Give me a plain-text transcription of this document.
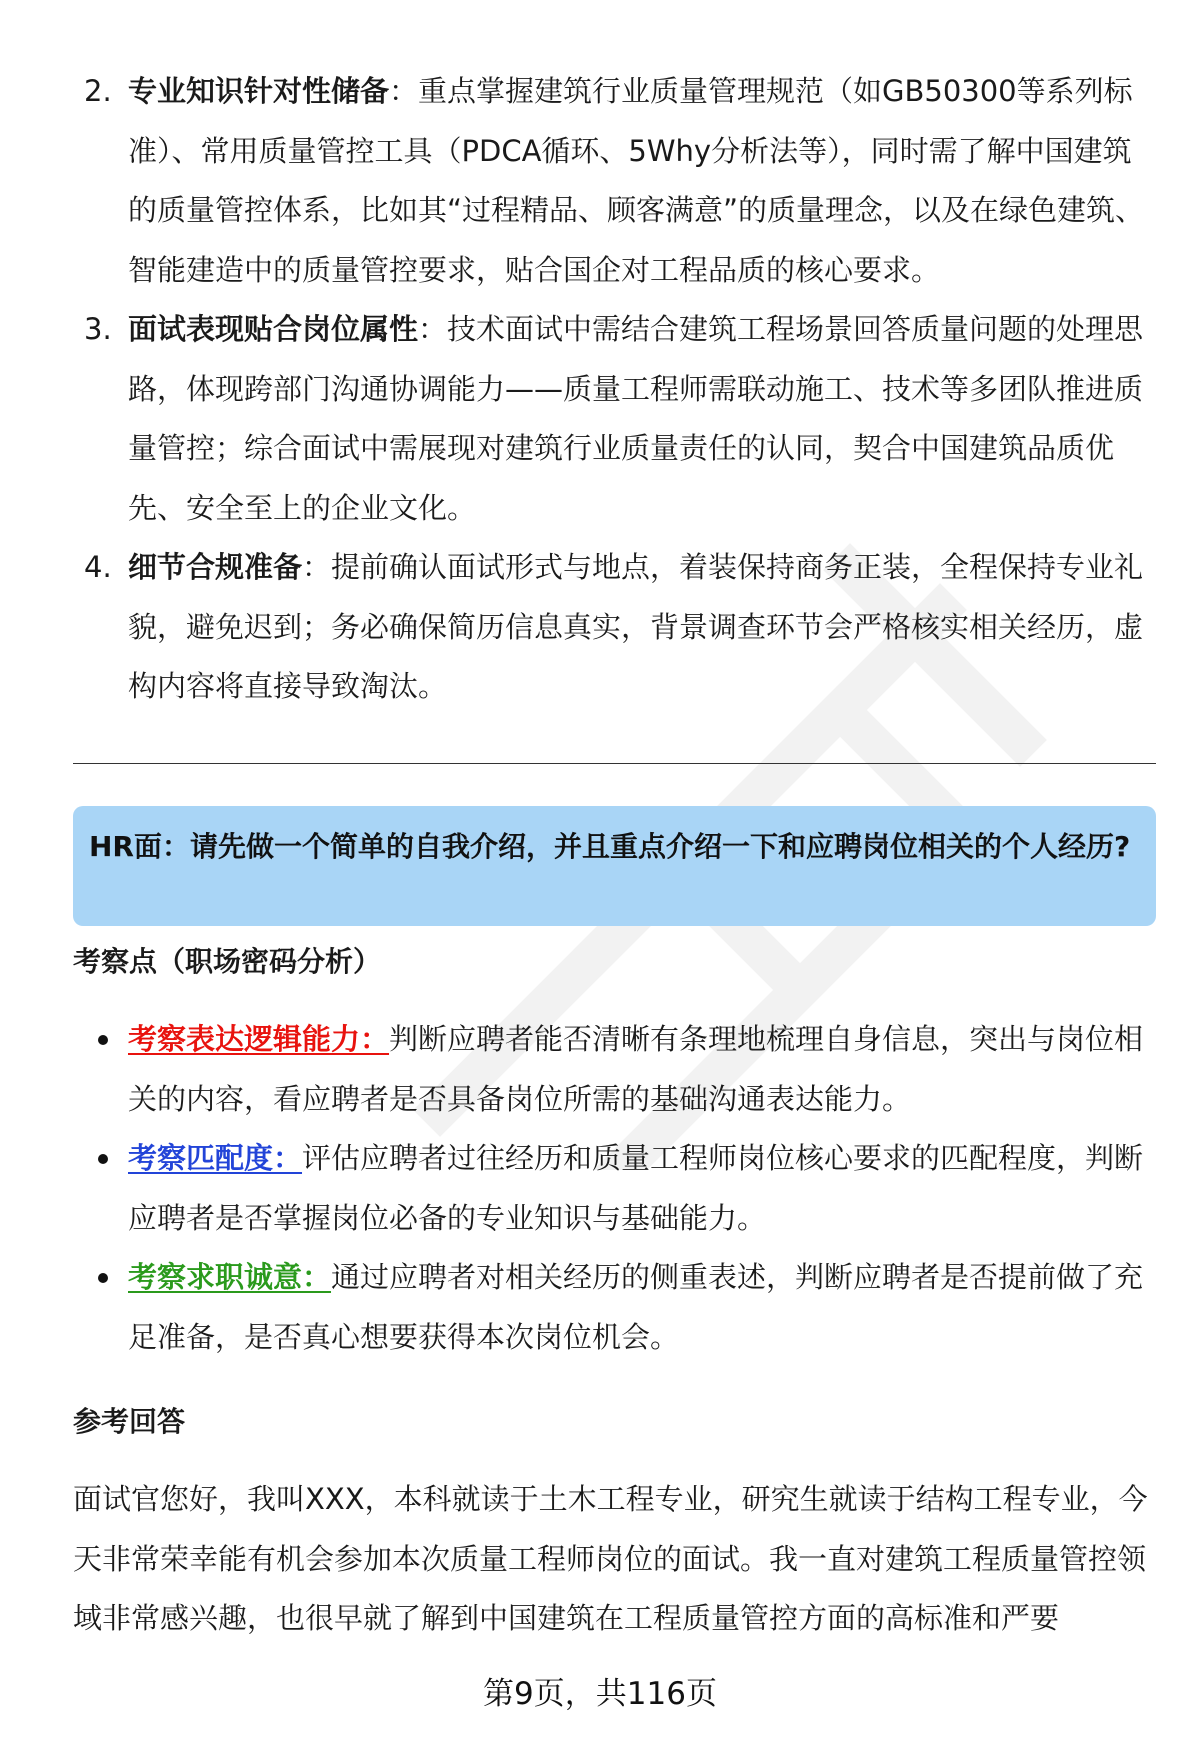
2. 专业知识针对性储备：重点掌握建筑行业质量管理规范（如GB50300等系列标准）、常用质量管控工具（PDCA循环、5Why分析法等），同时需了解中国建筑的质量管控体系，比如其“过程精品、顾客满意”的质量理念，以及在绿色建筑、智能建造中的质量管控要求，贴合国企对工程品质的核心要求。
3. 面试表现贴合岗位属性：技术面试中需结合建筑工程场景回答质量问题的处理思路，体现跨部门沟通协调能力——质量工程师需联动施工、技术等多团队推进质量管控；综合面试中需展现对建筑行业质量责任的认同，契合中国建筑品质优先、安全至上的企业文化。
4. 细节合规准备：提前确认面试形式与地点，着装保持商务正装，全程保持专业礼貌，避免迟到；务必确保简历信息真实，背景调查环节会严格核实相关经历，虚构内容将直接导致淘汰。
HR面：请先做一个简单的自我介绍，并且重点介绍一下和应聘岗位相关的个人经历?
考察点（职场密码分析）
考察表达逻辑能力：判断应聘者能否清晰有条理地梳理自身信息，突出与岗位相关的内容，看应聘者是否具备岗位所需的基础沟通表达能力。
考察匹配度：评估应聘者过往经历和质量工程师岗位核心要求的匹配程度，判断应聘者是否掌握岗位必备的专业知识与基础能力。
考察求职诚意：通过应聘者对相关经历的侧重表述，判断应聘者是否提前做了充足准备，是否真心想要获得本次岗位机会。
参考回答
面试官您好，我叫XXX，本科就读于土木工程专业，研究生就读于结构工程专业，今天非常荣幸能有机会参加本次质量工程师岗位的面试。我一直对建筑工程质量管控领域非常感兴趣，也很早就了解到中国建筑在工程质量管控方面的高标准和严要
第9页，共116页
